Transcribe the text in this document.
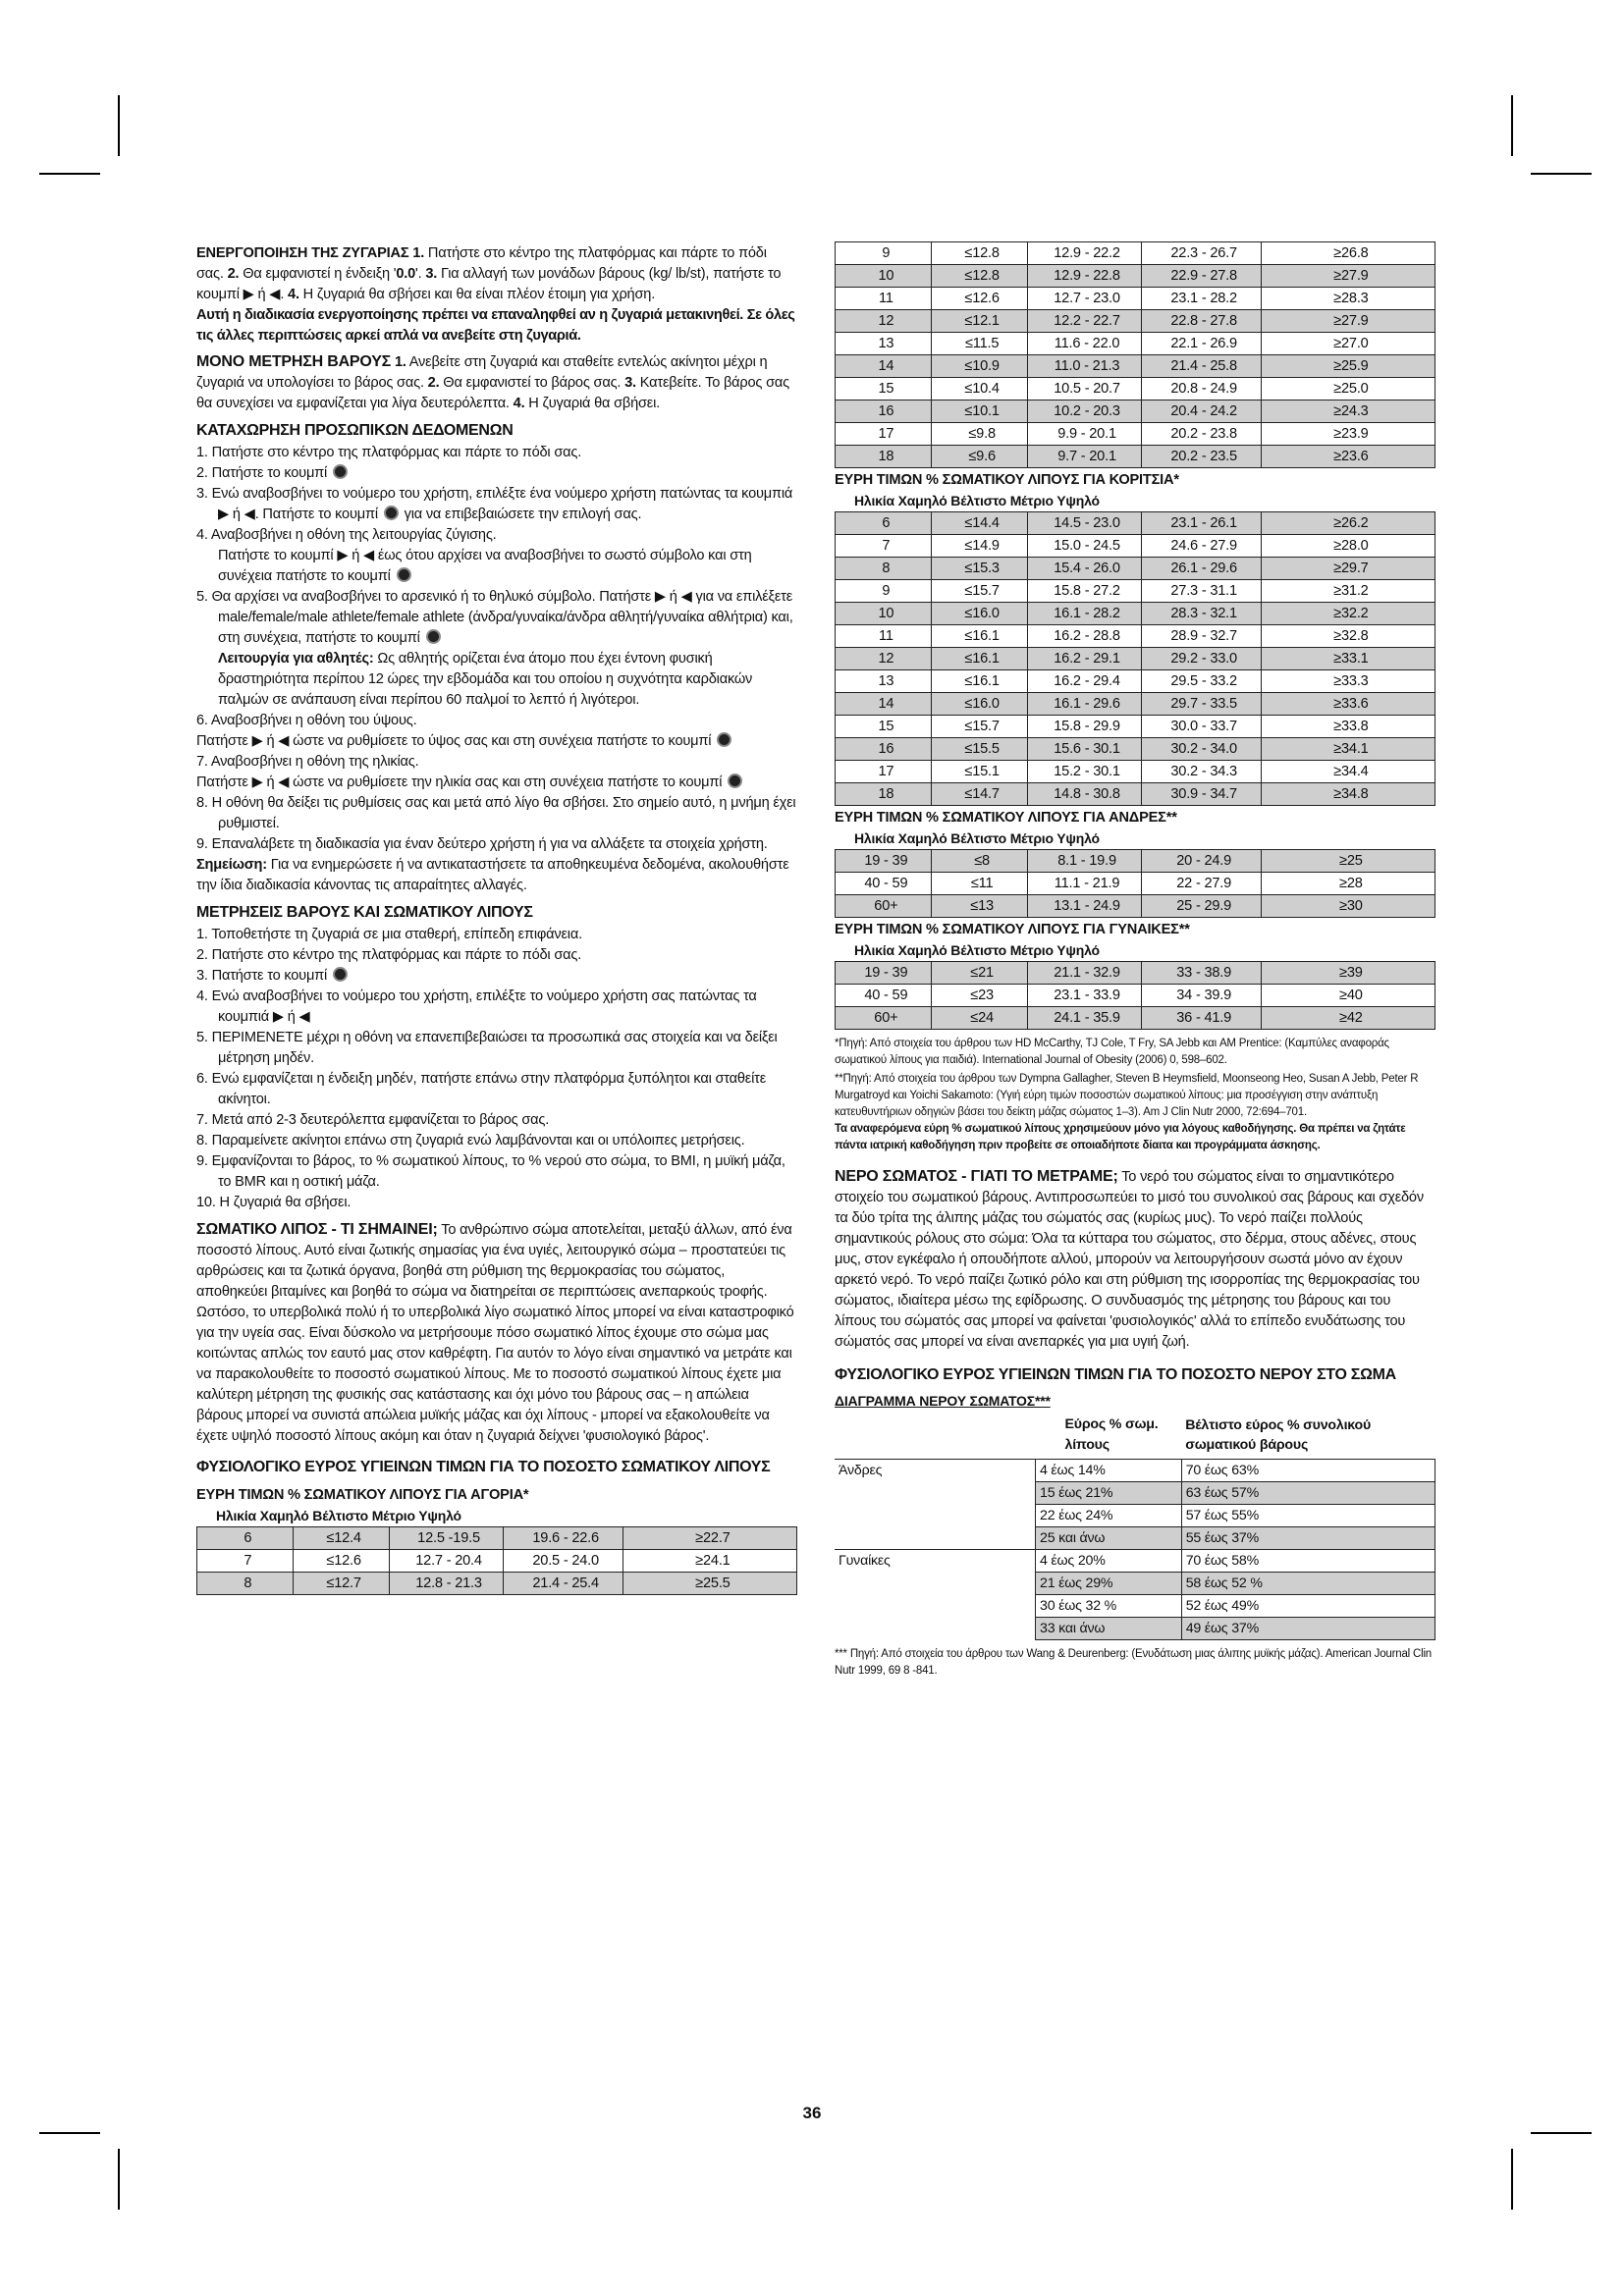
ΕΝΕΡΓΟΠΟΙΗΣΗ ΤΗΣ ΖΥΓΑΡΙΑΣ 1. Πατήστε στο κέντρο της πλατφόρμας και πάρτε το πόδι σας. 2. Θα εμφανιστεί η ένδειξη '0.0'. 3. Για αλλαγή των μονάδων βάρους (kg/ lb/st), πατήστε το κουμπί ▶ ή ◀. 4. Η ζυγαριά θα σβήσει και θα είναι πλέον έτοιμη για χρήση.

Αυτή η διαδικασία ενεργοποίησης πρέπει να επαναληφθεί αν η ζυγαριά μετακινηθεί. Σε όλες τις άλλες περιπτώσεις αρκεί απλά να ανεβείτε στη ζυγαριά.

ΜΟΝΟ ΜΕΤΡΗΣΗ ΒΑΡΟΥΣ 1. Ανεβείτε στη ζυγαριά και σταθείτε εντελώς ακίνητοι μέχρι η ζυγαριά να υπολογίσει το βάρος σας. 2. Θα εμφανιστεί το βάρος σας. 3. Κατεβείτε. Το βάρος σας θα συνεχίσει να εμφανίζεται για λίγα δευτερόλεπτα. 4. Η ζυγαριά θα σβήσει.

ΚΑΤΑΧΩΡΗΣΗ ΠΡΟΣΩΠΙΚΩΝ ΔΕΔΟΜΕΝΩΝ

1. Πατήστε στο κέντρο της πλατφόρμας και πάρτε το πόδι σας.
2. Πατήστε το κουμπί
3. Ενώ αναβοσβήνει το νούμερο του χρήστη, επιλέξτε ένα νούμερο χρήστη πατώντας τα κουμπιά ▶ ή ◀. Πατήστε το κουμπί για να επιβεβαιώσετε την επιλογή σας.
4. Αναβοσβήνει η οθόνη της λειτουργίας ζύγισης.
Πατήστε το κουμπί ▶ ή ◀ έως ότου αρχίσει να αναβοσβήνει το σωστό σύμβολο και στη συνέχεια πατήστε το κουμπί
5. Θα αρχίσει να αναβοσβήνει το αρσενικό ή το θηλυκό σύμβολο. Πατήστε ▶ ή ◀ για να επιλέξετε male/female/male athlete/female athlete (άνδρα/γυναίκα/άνδρα αθλητή/γυναίκα αθλήτρια) και, στη συνέχεια, πατήστε το κουμπί
Λειτουργία για αθλητές: Ως αθλητής ορίζεται ένα άτομο που έχει έντονη φυσική δραστηριότητα περίπου 12 ώρες την εβδομάδα και του οποίου η συχνότητα καρδιακών παλμών σε ανάπαυση είναι περίπου 60 παλμοί το λεπτό ή λιγότεροι.
6. Αναβοσβήνει η οθόνη του ύψους.
Πατήστε ▶ ή ◀ ώστε να ρυθμίσετε το ύψος σας και στη συνέχεια πατήστε το κουμπί
7. Αναβοσβήνει η οθόνη της ηλικίας.
Πατήστε ▶ ή ◀ ώστε να ρυθμίσετε την ηλικία σας και στη συνέχεια πατήστε το κουμπί
8. Η οθόνη θα δείξει τις ρυθμίσεις σας και μετά από λίγο θα σβήσει. Στο σημείο αυτό, η μνήμη έχει ρυθμιστεί.
9. Επαναλάβετε τη διαδικασία για έναν δεύτερο χρήστη ή για να αλλάξετε τα στοιχεία χρήστη.

Σημείωση: Για να ενημερώσετε ή να αντικαταστήσετε τα αποθηκευμένα δεδομένα, ακολουθήστε την ίδια διαδικασία κάνοντας τις απαραίτητες αλλαγές.

ΜΕΤΡΗΣΕΙΣ ΒΑΡΟΥΣ ΚΑΙ ΣΩΜΑΤΙΚΟΥ ΛΙΠΟΥΣ

1. Τοποθετήστε τη ζυγαριά σε μια σταθερή, επίπεδη επιφάνεια.
2. Πατήστε στο κέντρο της πλατφόρμας και πάρτε το πόδι σας.
3. Πατήστε το κουμπί
4. Ενώ αναβοσβήνει το νούμερο του χρήστη, επιλέξτε το νούμερο χρήστη σας πατώντας τα κουμπιά ▶ ή ◀
5. ΠΕΡΙΜΕΝΕΤΕ μέχρι η οθόνη να επανεπιβεβαιώσει τα προσωπικά σας στοιχεία και να δείξει μέτρηση μηδέν.
6. Ενώ εμφανίζεται η ένδειξη μηδέν, πατήστε επάνω στην πλατφόρμα ξυπόλητοι και σταθείτε ακίνητοι.
7. Μετά από 2-3 δευτερόλεπτα εμφανίζεται το βάρος σας.
8. Παραμείνετε ακίνητοι επάνω στη ζυγαριά ενώ λαμβάνονται και οι υπόλοιπες μετρήσεις.
9. Εμφανίζονται το βάρος, το % σωματικού λίπους, το % νερού στο σώμα, το BMI, η μυϊκή μάζα, το BMR και η οστική μάζα.
10. Η ζυγαριά θα σβήσει.

ΣΩΜΑΤΙΚΟ ΛΙΠΟΣ - ΤΙ ΣΗΜΑΙΝΕΙ; Το ανθρώπινο σώμα αποτελείται, μεταξύ άλλων, από ένα ποσοστό λίπους. Αυτό είναι ζωτικής σημασίας για ένα υγιές, λειτουργικό σώμα – προστατεύει τις αρθρώσεις και τα ζωτικά όργανα, βοηθά στη ρύθμιση της θερμοκρασίας του σώματος, αποθηκεύει βιταμίνες και βοηθά το σώμα να διατηρείται σε περιπτώσεις ανεπαρκούς τροφής. Ωστόσο, το υπερβολικά πολύ ή το υπερβολικά λίγο σωματικό λίπος μπορεί να είναι καταστροφικό για την υγεία σας. Είναι δύσκολο να μετρήσουμε πόσο σωματικό λίπος έχουμε στο σώμα μας κοιτώντας απλώς τον εαυτό μας στον καθρέφτη. Για αυτόν το λόγο είναι σημαντικό να μετράτε και να παρακολουθείτε το ποσοστό σωματικού λίπους. Με το ποσοστό σωματικού λίπους έχετε μια καλύτερη μέτρηση της φυσικής σας κατάστασης και όχι μόνο του βάρους σας – η απώλεια βάρους μπορεί να συνιστά απώλεια μυϊκής μάζας και όχι λίπους - μπορεί να εξακολουθείτε να έχετε υψηλό ποσοστό λίπους ακόμη και όταν η ζυγαριά δείχνει 'φυσιολογικό βάρος'.

ΦΥΣΙΟΛΟΓΙΚΟ ΕΥΡΟΣ ΥΓΙΕΙΝΩΝ ΤΙΜΩΝ ΓΙΑ ΤΟ ΠΟΣΟΣΤΟ ΣΩΜΑΤΙΚΟΥ ΛΙΠΟΥΣ

ΕΥΡΗ ΤΙΜΩΝ % ΣΩΜΑΤΙΚΟΥ ΛΙΠΟΥΣ ΓΙΑ ΑΓΟΡΙΑ*

Ηλικία Χαμηλό Βέλτιστο Μέτριο Υψηλό

6	≤12.4	12.5 -19.5	19.6 - 22.6	≥22.7
7	≤12.6	12.7 - 20.4	20.5 - 24.0	≥24.1
8	≤12.7	12.8 - 21.3	21.4 - 25.4	≥25.5
9	≤12.8	12.9 - 22.2	22.3 - 26.7	≥26.8
10	≤12.8	12.9 - 22.8	22.9 - 27.8	≥27.9
11	≤12.6	12.7 - 23.0	23.1 - 28.2	≥28.3
12	≤12.1	12.2 - 22.7	22.8 - 27.8	≥27.9
13	≤11.5	11.6 - 22.0	22.1 - 26.9	≥27.0
14	≤10.9	11.0 - 21.3	21.4 - 25.8	≥25.9
15	≤10.4	10.5 - 20.7	20.8 - 24.9	≥25.0
16	≤10.1	10.2 - 20.3	20.4 - 24.2	≥24.3
17	≤9.8	9.9 - 20.1	20.2 - 23.8	≥23.9
18	≤9.6	9.7 - 20.1	20.2 - 23.5	≥23.6

ΕΥΡΗ ΤΙΜΩΝ % ΣΩΜΑΤΙΚΟΥ ΛΙΠΟΥΣ ΓΙΑ ΚΟΡΙΤΣΙΑ*

Ηλικία Χαμηλό Βέλτιστο Μέτριο Υψηλό

6	≤14.4	14.5 - 23.0	23.1 - 26.1	≥26.2
7	≤14.9	15.0 - 24.5	24.6 - 27.9	≥28.0
8	≤15.3	15.4 - 26.0	26.1 - 29.6	≥29.7
9	≤15.7	15.8 - 27.2	27.3 - 31.1	≥31.2
10	≤16.0	16.1 - 28.2	28.3 - 32.1	≥32.2
11	≤16.1	16.2 - 28.8	28.9 - 32.7	≥32.8
12	≤16.1	16.2 - 29.1	29.2 - 33.0	≥33.1
13	≤16.1	16.2 - 29.4	29.5 - 33.2	≥33.3
14	≤16.0	16.1 - 29.6	29.7 - 33.5	≥33.6
15	≤15.7	15.8 - 29.9	30.0 - 33.7	≥33.8
16	≤15.5	15.6 - 30.1	30.2 - 34.0	≥34.1
17	≤15.1	15.2 - 30.1	30.2 - 34.3	≥34.4
18	≤14.7	14.8 - 30.8	30.9 - 34.7	≥34.8

ΕΥΡΗ ΤΙΜΩΝ % ΣΩΜΑΤΙΚΟΥ ΛΙΠΟΥΣ ΓΙΑ ΑΝΔΡΕΣ**

Ηλικία Χαμηλό Βέλτιστο Μέτριο Υψηλό

19 - 39	≤8	8.1 - 19.9	20 - 24.9	≥25
40 - 59	≤11	11.1 - 21.9	22 - 27.9	≥28
60+	≤13	13.1 - 24.9	25 - 29.9	≥30

ΕΥΡΗ ΤΙΜΩΝ % ΣΩΜΑΤΙΚΟΥ ΛΙΠΟΥΣ ΓΙΑ ΓΥΝΑΙΚΕΣ**

Ηλικία Χαμηλό Βέλτιστο Μέτριο Υψηλό

19 - 39	≤21	21.1 - 32.9	33 - 38.9	≥39
40 - 59	≤23	23.1 - 33.9	34 - 39.9	≥40
60+	≤24	24.1 - 35.9	36 - 41.9	≥42

*Πηγή: Από στοιχεία του άρθρου των HD McCarthy, TJ Cole, T Fry, SA Jebb και AM Prentice: (Καμπύλες αναφοράς σωματικού λίπους για παιδιά). International Journal of Obesity (2006) 0, 598–602.

**Πηγή: Από στοιχεία του άρθρου των Dympna Gallagher, Steven B Heymsfield, Moonseong Heo, Susan A Jebb, Peter R Murgatroyd και Yoichi Sakamoto: (Υγιή εύρη τιμών ποσοστών σωματικού λίπους: μια προσέγγιση στην ανάπτυξη κατευθυντήριων οδηγιών βάσει του δείκτη μάζας σώματος 1–3). Am J Clin Nutr 2000, 72:694–701.

Τα αναφερόμενα εύρη % σωματικού λίπους χρησιμεύουν μόνο για λόγους καθοδήγησης. Θα πρέπει να ζητάτε πάντα ιατρική καθοδήγηση πριν προβείτε σε οποιαδήποτε δίαιτα και προγράμματα άσκησης.

ΝΕΡΟ ΣΩΜΑΤΟΣ - ΓΙΑΤΙ ΤΟ ΜΕΤΡΑΜΕ; Το νερό του σώματος είναι το σημαντικότερο στοιχείο του σωματικού βάρους. Αντιπροσωπεύει το μισό του συνολικού σας βάρους και σχεδόν τα δύο τρίτα της άλιπης μάζας του σώματός σας (κυρίως μυς). Το νερό παίζει πολλούς σημαντικούς ρόλους στο σώμα: Όλα τα κύτταρα του σώματος, στο δέρμα, στους αδένες, στους μυς, στον εγκέφαλο ή οπουδήποτε αλλού, μπορούν να λειτουργήσουν σωστά μόνο αν έχουν αρκετό νερό. Το νερό παίζει ζωτικό ρόλο και στη ρύθμιση της ισορροπίας της θερμοκρασίας του σώματος, ιδιαίτερα μέσω της εφίδρωσης. Ο συνδυασμός της μέτρησης του βάρους και του λίπους του σώματός σας μπορεί να φαίνεται 'φυσιολογικός' αλλά το επίπεδο ενυδάτωσης του σώματός σας μπορεί να είναι ανεπαρκές για μια υγιή ζωή.

ΦΥΣΙΟΛΟΓΙΚΟ ΕΥΡΟΣ ΥΓΙΕΙΝΩΝ ΤΙΜΩΝ ΓΙΑ ΤΟ ΠΟΣΟΣΤΟ ΝΕΡΟΥ ΣΤΟ ΣΩΜΑ

ΔΙΑΓΡΑΜΜΑ ΝΕΡΟΥ ΣΩΜΑΤΟΣ***

	Εύρος % σωμ. λίπους	Βέλτιστο εύρος % συνολικού σωματικού βάρους
Άνδρες	4 έως 14%	70 έως 63%
	15 έως 21%	63 έως 57%
	22 έως 24%	57 έως 55%
	25 και άνω	55 έως 37%
Γυναίκες	4 έως 20%	70 έως 58%
	21 έως 29%	58 έως 52 %
	30 έως 32 %	52 έως 49%
	33 και άνω	49 έως 37%

*** Πηγή: Από στοιχεία του άρθρου των Wang & Deurenberg: (Ενυδάτωση μιας άλιπης μυϊκής μάζας). American Journal Clin Nutr 1999, 69 8 -841.

36
